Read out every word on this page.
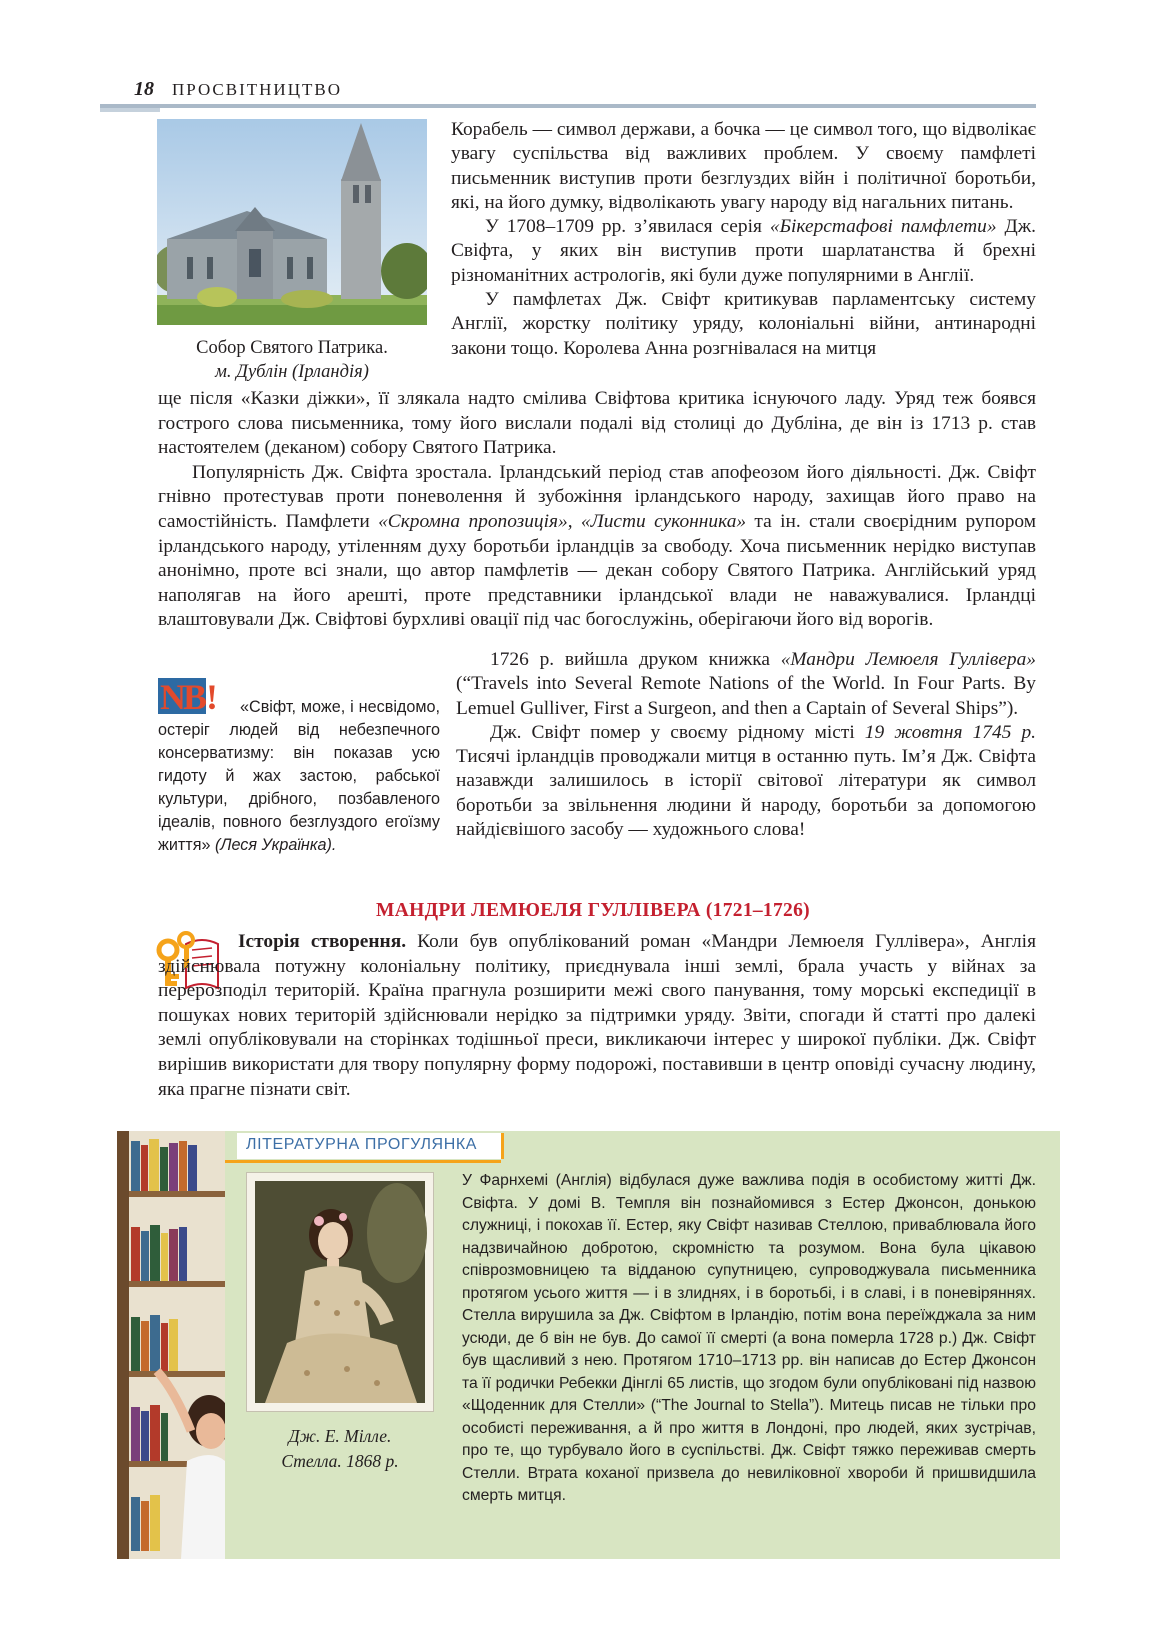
18 ПРОСВІТНИЦТВО
Собор Святого Патрика.
м. Дублін (Ірландія)

Корабель — символ держави, а бочка — це символ того, що відволікає увагу суспільства від важливих проблем. У своєму памфлеті письменник виступив проти безглуздих війн і політичної боротьби, які, на його думку, відволікають увагу народу від нагальних питань.

У 1708–1709 рр. з’явилася серія «Бікерстафові памфлети» Дж. Свіфта, у яких він виступив проти шарлатанства й брехні різноманітних астрологів, які були дуже популярними в Англії.

У памфлетах Дж. Свіфт критикував парламентську систему Англії, жорстку політику уряду, колоніальні війни, антинародні закони тощо. Королева Анна розгнівалася на митця

ще після «Казки діжки», її злякала надто смілива Свіфтова критика існуючого ладу. Уряд теж боявся гострого слова письменника, тому його вислали подалі від столиці до Дубліна, де він із 1713 р. став настоятелем (деканом) собору Святого Патрика.

Популярність Дж. Свіфта зростала. Ірландський період став апофеозом його діяльності. Дж. Свіфт гнівно протестував проти поневолення й зубожіння ірландського народу, захищав його право на самостійність. Памфлети «Скромна пропозиція», «Листи суконника» та ін. стали своєрідним рупором ірландського народу, утіленням духу боротьби ірландців за свободу. Хоча письменник нерідко виступав анонімно, проте всі знали, що автор памфлетів — декан собору Святого Патрика. Англійський уряд наполягав на його арешті, проте представники ірландської влади не наважувалися. Ірландці влаштовували Дж. Свіфтові бурхливі овації під час богослужінь, оберігаючи його від ворогів.

NB !	«Свіфт, може, і несвідомо, остеріг людей від небезпечного консерватизму: він показав усю гидоту й жах застою, рабської культури, дрібного, позбавленого ідеалів, повного безглуздого егоїзму життя» (Леся Українка).

1726 р. вийшла друком книжка «Мандри Лемюеля Гуллівера» (“Travels into Several Remote Nations of the World. In Four Parts. By Lemuel Gulliver, First a Surgeon, and then a Captain of Several Ships”).

Дж. Свіфт помер у своєму рідному місті 19 жовтня 1745 р. Тисячі ірландців проводжали митця в останню путь. Ім’я Дж. Свіфта назавжди залишилось в історії світової літератури як символ боротьби за звільнення людини й народу, боротьби за допомогою найдієвішого засобу — художнього слова!

МАНДРИ ЛЕМЮЕЛЯ ГУЛЛІВЕРА (1721–1726)

Історія створення. Коли був опублікований роман «Мандри Лемюеля Гуллівера», Англія здійснювала потужну колоніальну політику, приєднувала інші землі, брала участь у війнах за перерозподіл територій. Країна прагнула розширити межі свого панування, тому морські експедиції в пошуках нових територій здійснювали нерідко за підтримки уряду. Звіти, спогади й статті про далекі землі опубліковували на сторінках тодішньої преси, викликаючи інтерес у широкої публіки. Дж. Свіфт вирішив використати для твору популярну форму подорожі, поставивши в центр оповіді сучасну людину, яка прагне пізнати світ.

ЛІТЕРАТУРНА ПРОГУЛЯНКА
Дж. Е. Мілле.
Стелла. 1868 р.
У Фарнхемі (Англія) відбулася дуже важлива подія в особистому житті Дж. Свіфта. У домі В. Темпля він познайомився з Естер Джонсон, донькою служниці, і покохав її. Естер, яку Свіфт називав Стеллою, приваблювала його надзвичайною добротою, скромністю та розумом. Вона була цікавою співрозмовницею та відданою супутницею, супроводжувала письменника протягом усього життя — і в злиднях, і в боротьбі, і в славі, і в поневіряннях. Стелла вирушила за Дж. Свіфтом в Ірландію, потім вона переїжджала за ним усюди, де б він не був. До самої її смерті (а вона померла 1728 р.) Дж. Свіфт був щасливий з нею. Протягом 1710–1713 рр. він написав до Естер Джонсон та її родички Ребекки Дінглі 65 листів, що згодом були опубліковані під назвою «Щоденник для Стелли» (“The Journal to Stella”). Митець писав не тільки про особисті переживання, а й про життя в Лондоні, про людей, яких зустрічав, про те, що турбувало його в суспільстві. Дж. Свіфт тяжко переживав смерть Стелли. Втрата коханої призвела до невиліковної хвороби й пришвидшила смерть митця.
